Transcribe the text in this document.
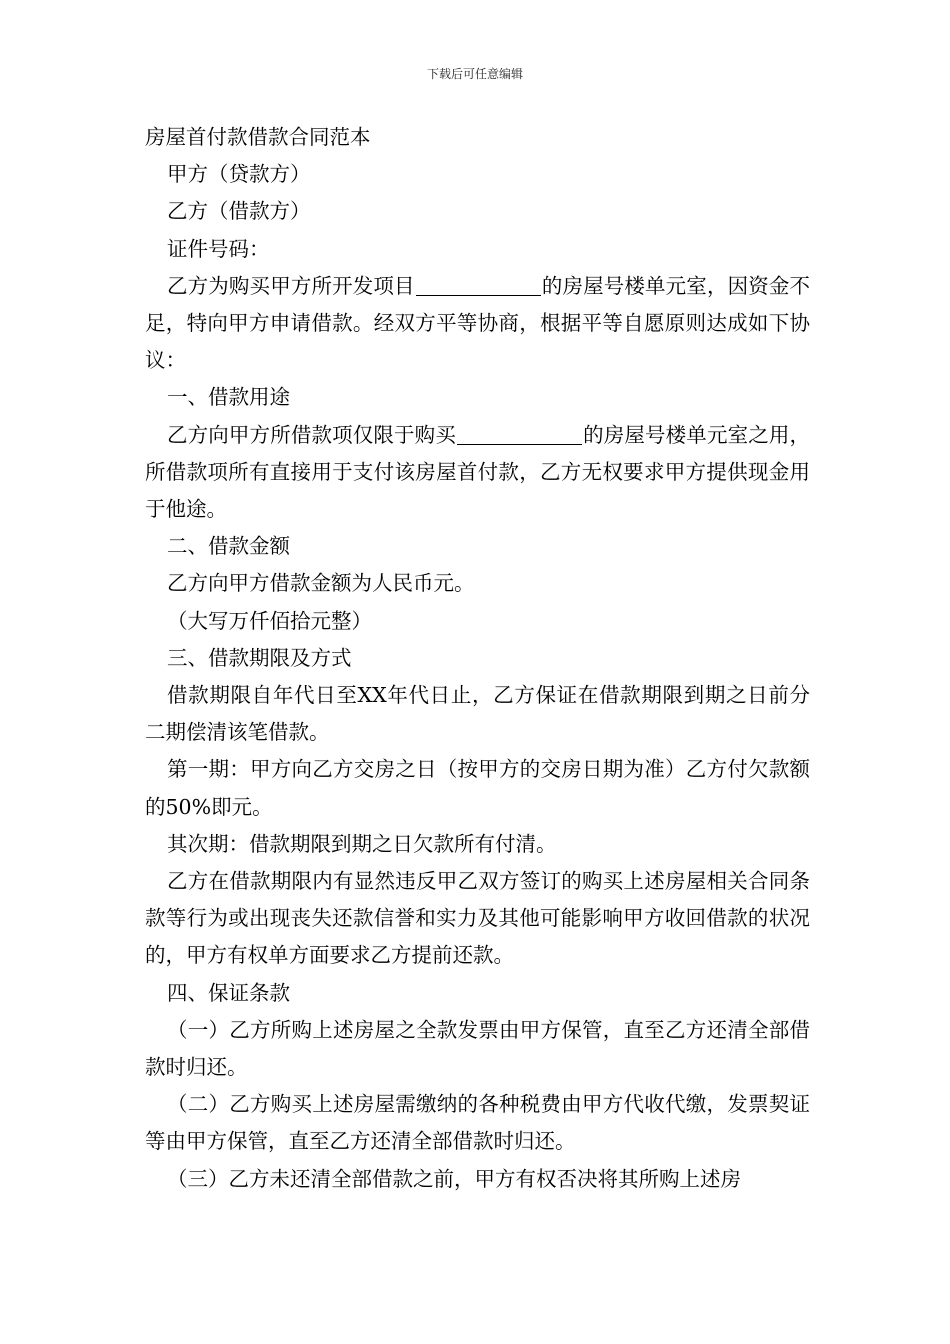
下载后可任意编辑

房屋首付款借款合同范本

甲方（贷款方）

乙方（借款方）

证件号码：

乙方为购买甲方所开发项目	的房屋号楼单元室，因资金不足，特向甲方申请借款。经双方平等协商，根据平等自愿原则达成如下协议：

一、借款用途

乙方向甲方所借款项仅限于购买	的房屋号楼单元室之用，所借款项所有直接用于支付该房屋首付款，乙方无权要求甲方提供现金用于他途。

二、借款金额

乙方向甲方借款金额为人民币元。

（大写万仟佰拾元整）

三、借款期限及方式

借款期限自年代日至XX年代日止，乙方保证在借款期限到期之日前分二期偿清该笔借款。

第一期：甲方向乙方交房之日（按甲方的交房日期为准）乙方付欠款额的50%即元。

其次期：借款期限到期之日欠款所有付清。

乙方在借款期限内有显然违反甲乙双方签订的购买上述房屋相关合同条款等行为或出现丧失还款信誉和实力及其他可能影响甲方收回借款的状况的，甲方有权单方面要求乙方提前还款。

四、保证条款

（一）乙方所购上述房屋之全款发票由甲方保管，直至乙方还清全部借款时归还。

（二）乙方购买上述房屋需缴纳的各种税费由甲方代收代缴，发票契证等由甲方保管，直至乙方还清全部借款时归还。

（三）乙方未还清全部借款之前，甲方有权否决将其所购上述房
